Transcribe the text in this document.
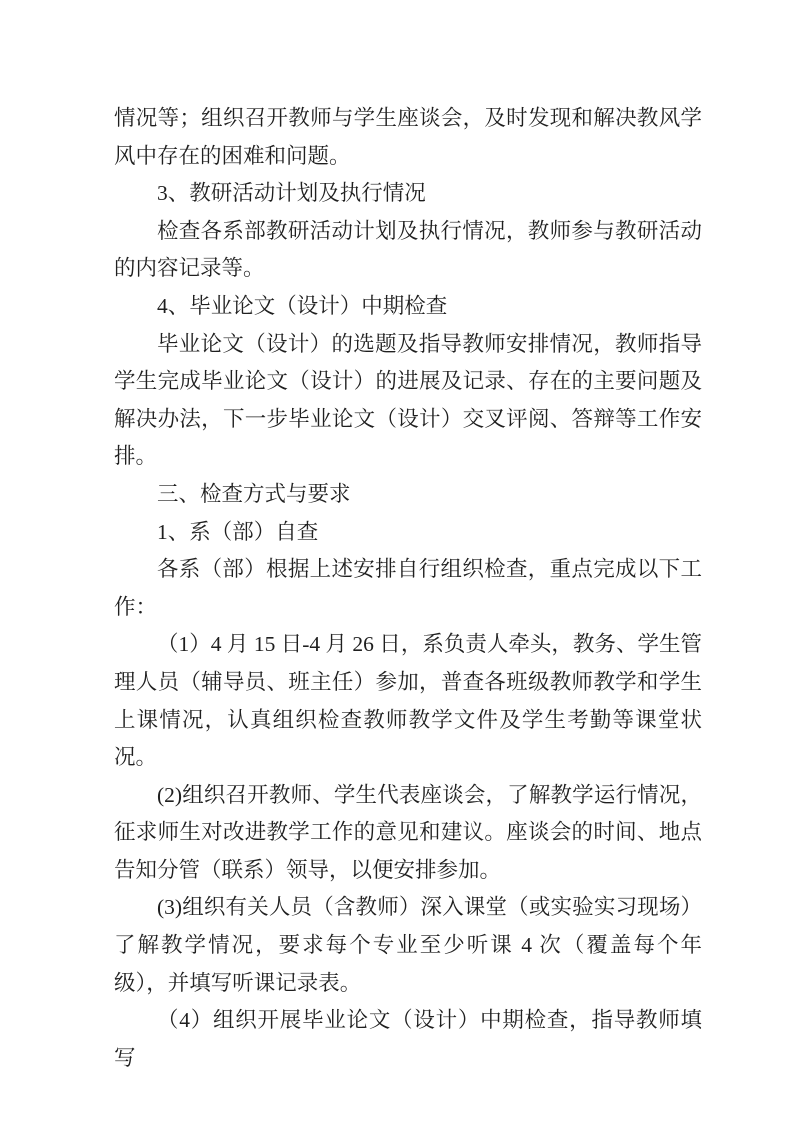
情况等；组织召开教师与学生座谈会，及时发现和解决教风学风中存在的困难和问题。

3、教研活动计划及执行情况

检查各系部教研活动计划及执行情况，教师参与教研活动的内容记录等。

4、毕业论文（设计）中期检查

毕业论文（设计）的选题及指导教师安排情况，教师指导学生完成毕业论文（设计）的进展及记录、存在的主要问题及解决办法，下一步毕业论文（设计）交叉评阅、答辩等工作安排。

三、检查方式与要求

1、系（部）自查

各系（部）根据上述安排自行组织检查，重点完成以下工作：

（1）4 月 15 日-4 月 26 日，系负责人牵头，教务、学生管理人员（辅导员、班主任）参加，普查各班级教师教学和学生上课情况，认真组织检查教师教学文件及学生考勤等课堂状况。

(2)组织召开教师、学生代表座谈会，了解教学运行情况，征求师生对改进教学工作的意见和建议。座谈会的时间、地点告知分管（联系）领导，以便安排参加。

(3)组织有关人员（含教师）深入课堂（或实验实习现场）了解教学情况，要求每个专业至少听课 4 次（覆盖每个年级），并填写听课记录表。

（4）组织开展毕业论文（设计）中期检查，指导教师填写
